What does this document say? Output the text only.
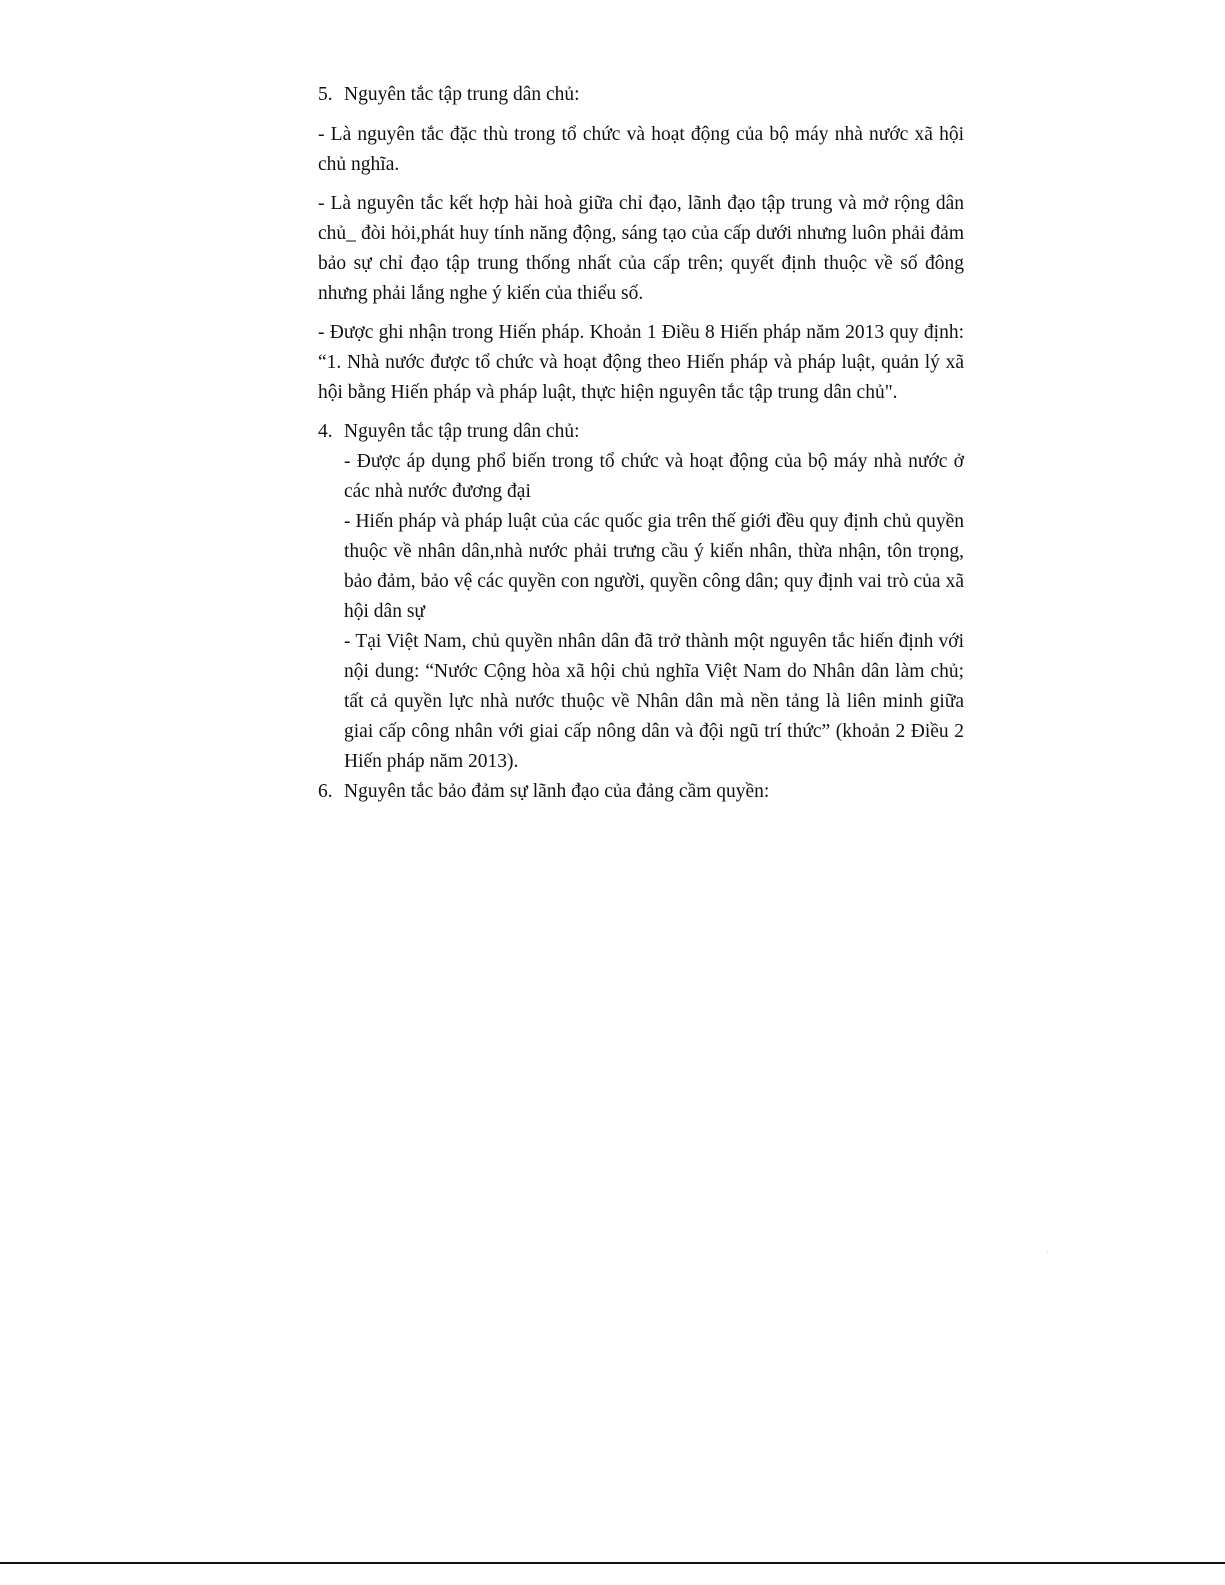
5. Nguyên tắc tập trung dân chủ:

- Là nguyên tắc đặc thù trong tổ chức và hoạt động của bộ máy nhà nước xã hội chủ nghĩa.

- Là nguyên tắc kết hợp hài hoà giữa chỉ đạo, lãnh đạo tập trung và mở rộng dân chủ_ đòi hỏi,phát huy tính năng động, sáng tạo của cấp dưới nhưng luôn phải đảm bảo sự chỉ đạo tập trung thống nhất của cấp trên; quyết định thuộc về số đông nhưng phải lắng nghe ý kiến của thiểu số.

- Được ghi nhận trong Hiến pháp. Khoản 1 Điều 8 Hiến pháp năm 2013 quy định: “1. Nhà nước được tổ chức và hoạt động theo Hiến pháp và pháp luật, quản lý xã hội bằng Hiến pháp và pháp luật, thực hiện nguyên tắc tập trung dân chủ".

4. Nguyên tắc tập trung dân chủ:

- Được áp dụng phổ biến trong tổ chức và hoạt động của bộ máy nhà nước ở các nhà nước đương đại

- Hiến pháp và pháp luật của các quốc gia trên thế giới đều quy định chủ quyền thuộc về nhân dân,nhà nước phải trưng cầu ý kiến nhân, thừa nhận, tôn trọng, bảo đảm, bảo vệ các quyền con người, quyền công dân; quy định vai trò của xã hội dân sự

- Tại Việt Nam, chủ quyền nhân dân đã trở thành một nguyên tắc hiến định với nội dung: “Nước Cộng hòa xã hội chủ nghĩa Việt Nam do Nhân dân làm chủ; tất cả quyền lực nhà nước thuộc về Nhân dân mà nền tảng là liên minh giữa giai cấp công nhân với giai cấp nông dân và đội ngũ trí thức” (khoản 2 Điều 2 Hiến pháp năm 2013).

6. Nguyên tắc bảo đảm sự lãnh đạo của đảng cầm quyền:
